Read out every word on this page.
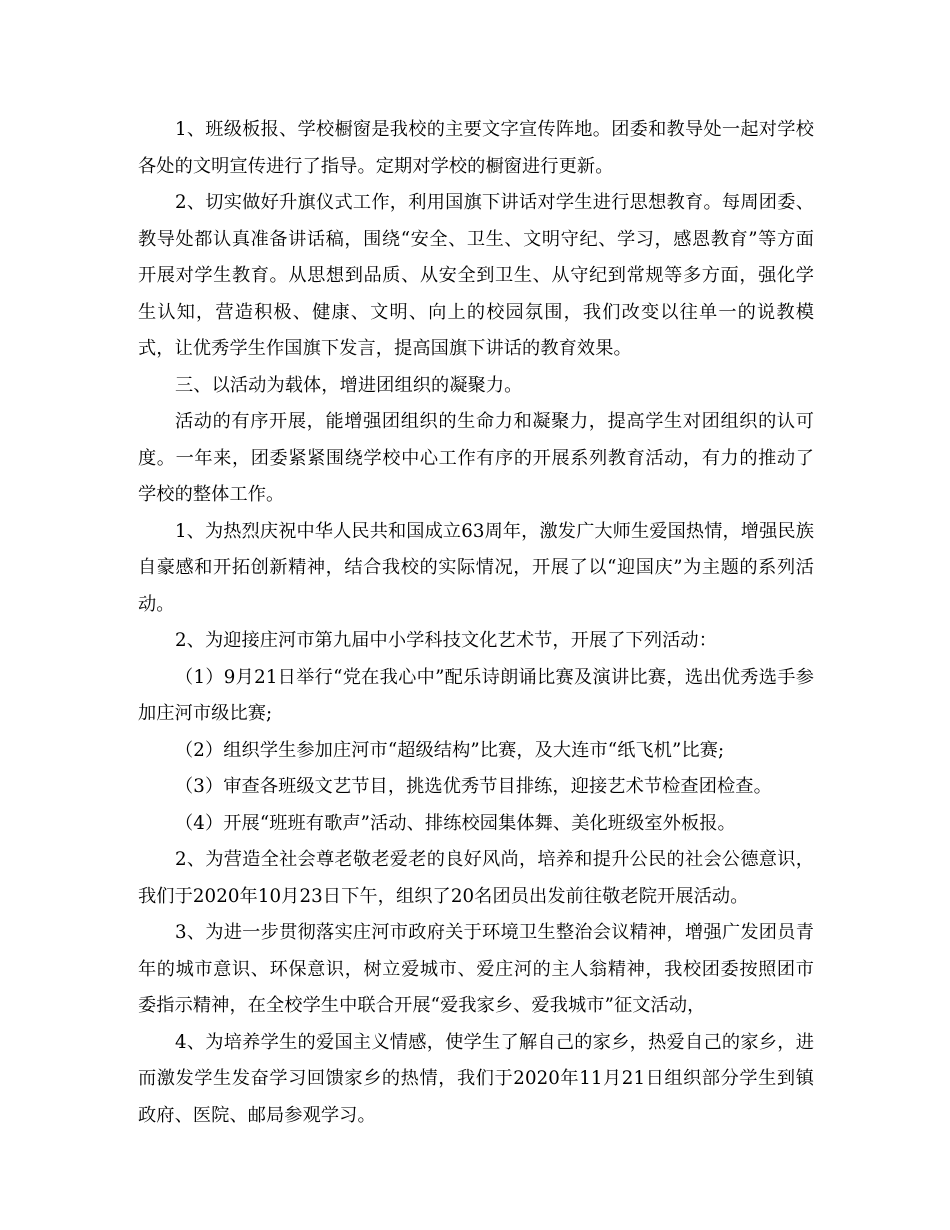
1、班级板报、学校橱窗是我校的主要文字宣传阵地。团委和教导处一起对学校各处的文明宣传进行了指导。定期对学校的橱窗进行更新。

2、切实做好升旗仪式工作，利用国旗下讲话对学生进行思想教育。每周团委、教导处都认真准备讲话稿，围绕“安全、卫生、文明守纪、学习，感恩教育”等方面开展对学生教育。从思想到品质、从安全到卫生、从守纪到常规等多方面，强化学生认知，营造积极、健康、文明、向上的校园氛围，我们改变以往单一的说教模式，让优秀学生作国旗下发言，提高国旗下讲话的教育效果。

三、以活动为载体，增进团组织的凝聚力。

活动的有序开展，能增强团组织的生命力和凝聚力，提高学生对团组织的认可度。一年来，团委紧紧围绕学校中心工作有序的开展系列教育活动，有力的推动了学校的整体工作。

1、为热烈庆祝中华人民共和国成立63周年，激发广大师生爱国热情，增强民族自豪感和开拓创新精神，结合我校的实际情况，开展了以“迎国庆”为主题的系列活动。

2、为迎接庄河市第九届中小学科技文化艺术节，开展了下列活动：

（1）9月21日举行“党在我心中”配乐诗朗诵比赛及演讲比赛，选出优秀选手参加庄河市级比赛;

（2）组织学生参加庄河市“超级结构”比赛，及大连市“纸飞机”比赛;

（3）审查各班级文艺节目，挑选优秀节目排练，迎接艺术节检查团检查。

（4）开展“班班有歌声”活动、排练校园集体舞、美化班级室外板报。

2、为营造全社会尊老敬老爱老的良好风尚，培养和提升公民的社会公德意识，我们于2020年10月23日下午，组织了20名团员出发前往敬老院开展活动。

3、为进一步贯彻落实庄河市政府关于环境卫生整治会议精神，增强广发团员青年的城市意识、环保意识，树立爱城市、爱庄河的主人翁精神，我校团委按照团市委指示精神，在全校学生中联合开展“爱我家乡、爱我城市”征文活动，

4、为培养学生的爱国主义情感，使学生了解自己的家乡，热爱自己的家乡，进而激发学生发奋学习回馈家乡的热情，我们于2020年11月21日组织部分学生到镇政府、医院、邮局参观学习。
